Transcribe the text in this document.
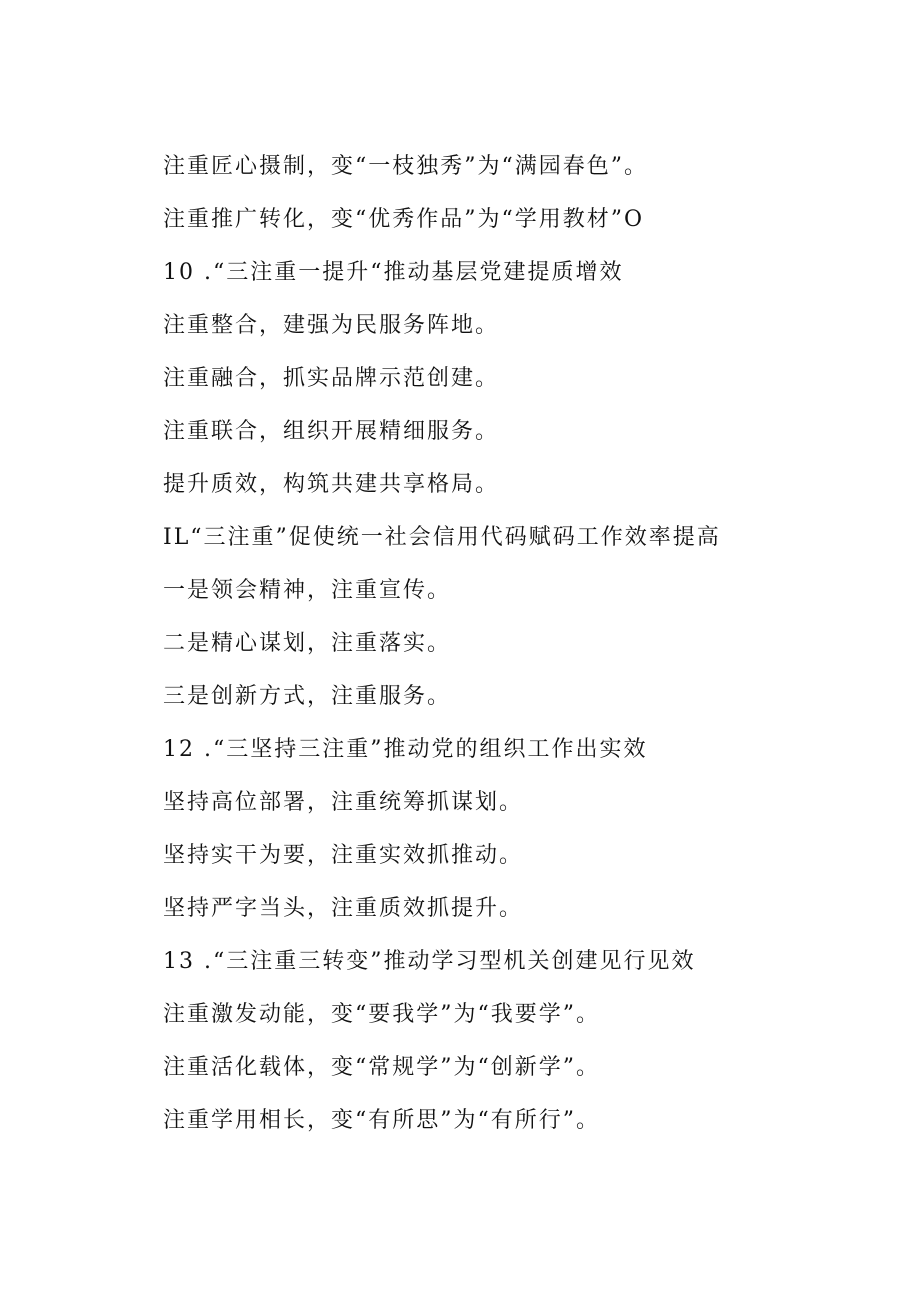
注重匠心摄制，变“一枝独秀”为“满园春色”。
注重推广转化，变“优秀作品”为“学用教材”O
10 .“三注重一提升“推动基层党建提质增效
注重整合，建强为民服务阵地。
注重融合，抓实品牌示范创建。
注重联合，组织开展精细服务。
提升质效，构筑共建共享格局。
IL“三注重”促使统一社会信用代码赋码工作效率提高
一是领会精神，注重宣传。
二是精心谋划，注重落实。
三是创新方式，注重服务。
12 .“三坚持三注重”推动党的组织工作出实效
坚持高位部署，注重统筹抓谋划。
坚持实干为要，注重实效抓推动。
坚持严字当头，注重质效抓提升。
13 .“三注重三转变”推动学习型机关创建见行见效
注重激发动能，变“要我学”为“我要学”。
注重活化载体，变“常规学”为“创新学”。
注重学用相长，变“有所思”为“有所行”。
